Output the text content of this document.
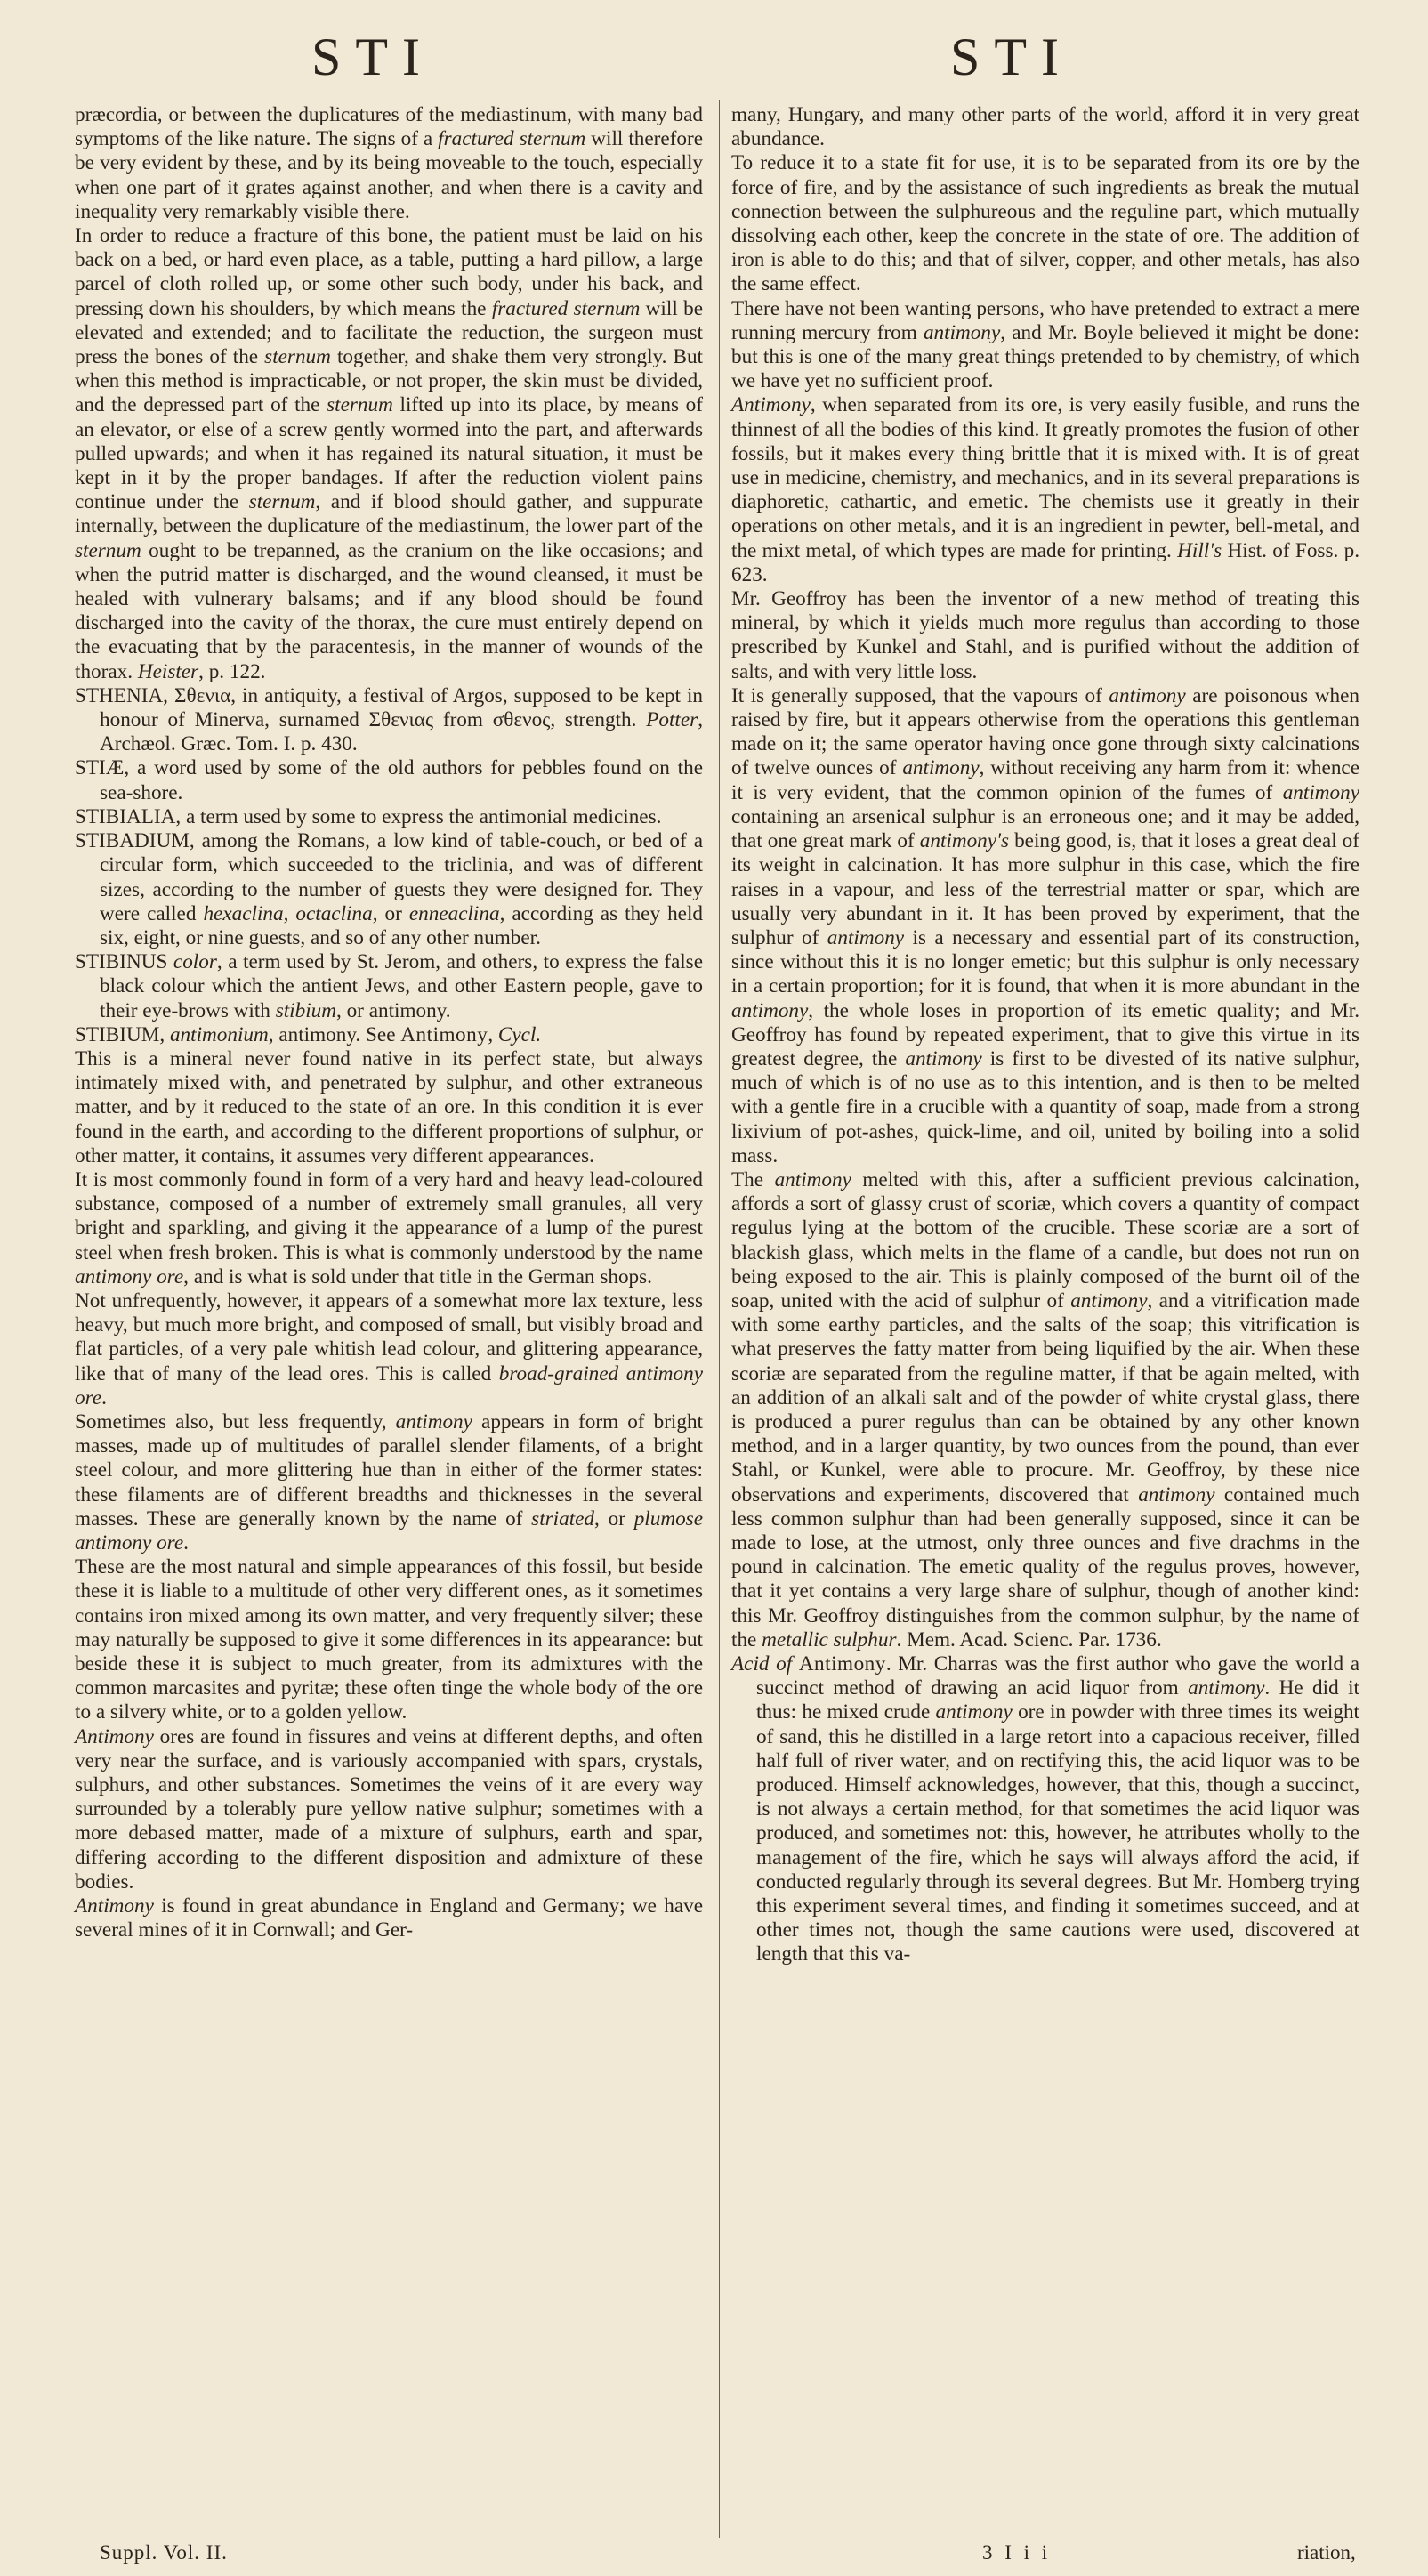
STI	STI

præcordia, or between the duplicatures of the mediastinum, with many bad symptoms of the like nature. The signs of a fractured sternum will therefore be very evident by these, and by its being moveable to the touch, especially when one part of it grates against another, and when there is a cavity and inequality very remarkably visible there.

In order to reduce a fracture of this bone, the patient must be laid on his back on a bed, or hard even place, as a table, putting a hard pillow, a large parcel of cloth rolled up, or some other such body, under his back, and pressing down his shoulders, by which means the fractured sternum will be elevated and extended; and to facilitate the reduction, the surgeon must press the bones of the sternum together, and shake them very strongly. But when this method is impracticable, or not proper, the skin must be divided, and the depressed part of the sternum lifted up into its place, by means of an elevator, or else of a screw gently wormed into the part, and afterwards pulled upwards; and when it has regained its natural situation, it must be kept in it by the proper bandages. If after the reduction violent pains continue under the sternum, and if blood should gather, and suppurate internally, between the duplicature of the mediastinum, the lower part of the sternum ought to be trepanned, as the cranium on the like occasions; and when the putrid matter is discharged, and the wound cleansed, it must be healed with vulnerary balsams; and if any blood should be found discharged into the cavity of the thorax, the cure must entirely depend on the evacuating that by the paracentesis, in the manner of wounds of the thorax. Heister, p. 122.

STHENIA, Σθενια, in antiquity, a festival of Argos, supposed to be kept in honour of Minerva, surnamed Σθενιας from σθενος, strength. Potter, Archæol. Græc. Tom. I. p. 430.

STIÆ, a word used by some of the old authors for pebbles found on the sea-shore.

STIBIALIA, a term used by some to express the antimonial medicines.

STIBADIUM, among the Romans, a low kind of table-couch, or bed of a circular form, which succeeded to the triclinia, and was of different sizes, according to the number of guests they were designed for. They were called hexaclina, octaclina, or enneaclina, according as they held six, eight, or nine guests, and so of any other number.

STIBINUS color, a term used by St. Jerom, and others, to express the false black colour which the antient Jews, and other Eastern people, gave to their eye-brows with stibium, or antimony.

STIBIUM, antimonium, antimony. See Antimony, Cycl.

This is a mineral never found native in its perfect state, but always intimately mixed with, and penetrated by sulphur, and other extraneous matter, and by it reduced to the state of an ore. In this condition it is ever found in the earth, and according to the different proportions of sulphur, or other matter, it contains, it assumes very different appearances.

It is most commonly found in form of a very hard and heavy lead-coloured substance, composed of a number of extremely small granules, all very bright and sparkling, and giving it the appearance of a lump of the purest steel when fresh broken. This is what is commonly understood by the name antimony ore, and is what is sold under that title in the German shops.

Not unfrequently, however, it appears of a somewhat more lax texture, less heavy, but much more bright, and composed of small, but visibly broad and flat particles, of a very pale whitish lead colour, and glittering appearance, like that of many of the lead ores. This is called broad-grained antimony ore.

Sometimes also, but less frequently, antimony appears in form of bright masses, made up of multitudes of parallel slender filaments, of a bright steel colour, and more glittering hue than in either of the former states: these filaments are of different breadths and thicknesses in the several masses. These are generally known by the name of striated, or plumose antimony ore.

These are the most natural and simple appearances of this fossil, but beside these it is liable to a multitude of other very different ones, as it sometimes contains iron mixed among its own matter, and very frequently silver; these may naturally be supposed to give it some differences in its appearance: but beside these it is subject to much greater, from its admixtures with the common marcasites and pyritæ; these often tinge the whole body of the ore to a silvery white, or to a golden yellow.

Antimony ores are found in fissures and veins at different depths, and often very near the surface, and is variously accompanied with spars, crystals, sulphurs, and other substances. Sometimes the veins of it are every way surrounded by a tolerably pure yellow native sulphur; sometimes with a more debased matter, made of a mixture of sulphurs, earth and spar, differing according to the different disposition and admixture of these bodies.

Antimony is found in great abundance in England and Germany; we have several mines of it in Cornwall; and Ger-

many, Hungary, and many other parts of the world, afford it in very great abundance.

To reduce it to a state fit for use, it is to be separated from its ore by the force of fire, and by the assistance of such ingredients as break the mutual connection between the sulphureous and the reguline part, which mutually dissolving each other, keep the concrete in the state of ore. The addition of iron is able to do this; and that of silver, copper, and other metals, has also the same effect.

There have not been wanting persons, who have pretended to extract a mere running mercury from antimony, and Mr. Boyle believed it might be done: but this is one of the many great things pretended to by chemistry, of which we have yet no sufficient proof.

Antimony, when separated from its ore, is very easily fusible, and runs the thinnest of all the bodies of this kind. It greatly promotes the fusion of other fossils, but it makes every thing brittle that it is mixed with. It is of great use in medicine, chemistry, and mechanics, and in its several preparations is diaphoretic, cathartic, and emetic. The chemists use it greatly in their operations on other metals, and it is an ingredient in pewter, bell-metal, and the mixt metal, of which types are made for printing. Hill's Hist. of Foss. p. 623.

Mr. Geoffroy has been the inventor of a new method of treating this mineral, by which it yields much more regulus than according to those prescribed by Kunkel and Stahl, and is purified without the addition of salts, and with very little loss.

It is generally supposed, that the vapours of antimony are poisonous when raised by fire, but it appears otherwise from the operations this gentleman made on it; the same operator having once gone through sixty calcinations of twelve ounces of antimony, without receiving any harm from it: whence it is very evident, that the common opinion of the fumes of antimony containing an arsenical sulphur is an erroneous one; and it may be added, that one great mark of antimony's being good, is, that it loses a great deal of its weight in calcination. It has more sulphur in this case, which the fire raises in a vapour, and less of the terrestrial matter or spar, which are usually very abundant in it. It has been proved by experiment, that the sulphur of antimony is a necessary and essential part of its construction, since without this it is no longer emetic; but this sulphur is only necessary in a certain proportion; for it is found, that when it is more abundant in the antimony, the whole loses in proportion of its emetic quality; and Mr. Geoffroy has found by repeated experiment, that to give this virtue in its greatest degree, the antimony is first to be divested of its native sulphur, much of which is of no use as to this intention, and is then to be melted with a gentle fire in a crucible with a quantity of soap, made from a strong lixivium of pot-ashes, quick-lime, and oil, united by boiling into a solid mass.

The antimony melted with this, after a sufficient previous calcination, affords a sort of glassy crust of scoriæ, which covers a quantity of compact regulus lying at the bottom of the crucible. These scoriæ are a sort of blackish glass, which melts in the flame of a candle, but does not run on being exposed to the air. This is plainly composed of the burnt oil of the soap, united with the acid of sulphur of antimony, and a vitrification made with some earthy particles, and the salts of the soap; this vitrification is what preserves the fatty matter from being liquified by the air. When these scoriæ are separated from the reguline matter, if that be again melted, with an addition of an alkali salt and of the powder of white crystal glass, there is produced a purer regulus than can be obtained by any other known method, and in a larger quantity, by two ounces from the pound, than ever Stahl, or Kunkel, were able to procure. Mr. Geoffroy, by these nice observations and experiments, discovered that antimony contained much less common sulphur than had been generally supposed, since it can be made to lose, at the utmost, only three ounces and five drachms in the pound in calcination. The emetic quality of the regulus proves, however, that it yet contains a very large share of sulphur, though of another kind: this Mr. Geoffroy distinguishes from the common sulphur, by the name of the metallic sulphur. Mem. Acad. Scienc. Par. 1736.

Acid of Antimony. Mr. Charras was the first author who gave the world a succinct method of drawing an acid liquor from antimony. He did it thus: he mixed crude antimony ore in powder with three times its weight of sand, this he distilled in a large retort into a capacious receiver, filled half full of river water, and on rectifying this, the acid liquor was to be produced. Himself acknowledges, however, that this, though a succinct, is not always a certain method, for that sometimes the acid liquor was produced, and sometimes not: this, however, he attributes wholly to the management of the fire, which he says will always afford the acid, if conducted regularly through its several degrees. But Mr. Homberg trying this experiment several times, and finding it sometimes succeed, and at other times not, though the same cautions were used, discovered at length that this va-

Suppl. Vol. II.	3 I i i	riation,
